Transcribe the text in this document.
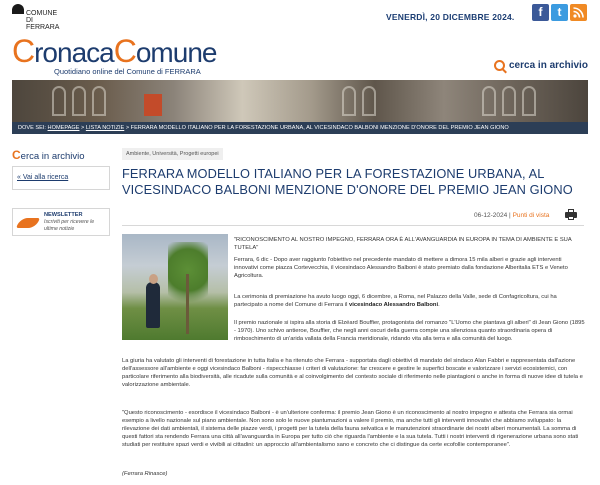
COMUNE DI
FERRARA
VENERDÌ, 20 DICEMBRE 2024.	f	t
CronacaComune
Quotidiano online del Comune di FERRARA
cerca in archivio
DOVE SEI: HOMEPAGE > LISTA NOTIZIE > FERRARA MODELLO ITALIANO PER LA FORESTAZIONE URBANA, AL VICESINDACO BALBONI MENZIONE D'ONORE DEL PREMIO JEAN GIONO
Cerca in archivio
« Vai alla ricerca
NEWSLETTER
Iscriviti per ricevere le ultime notizie
Ambiente, Università, Progetti europei
FERRARA MODELLO ITALIANO PER LA FORESTAZIONE URBANA, AL VICESINDACO BALBONI MENZIONE D'ONORE DEL PREMIO JEAN GIONO
06-12-2024 | Punti di vista

"RICONOSCIMENTO AL NOSTRO IMPEGNO, FERRARA ORA È ALL'AVANGUARDIA IN EUROPA IN TEMA DI AMBIENTE E SUA TUTELA"

Ferrara, 6 dic - Dopo aver raggiunto l'obiettivo nel precedente mandato di mettere a dimora 15 mila alberi e grazie agli interventi innovativi come piazza Cortevecchia, il vicesindaco Alessandro Balboni è stato premiato dalla fondazione Alberitalia ETS e Veneto Agricoltura.

La cerimonia di premiazione ha avuto luogo oggi, 6 dicembre, a Roma, nel Palazzo della Valle, sede di Confagricoltura, cui ha partecipato a nome del Comune di Ferrara il vicesindaco Alessandro Balboni.

Il premio nazionale si ispira alla storia di Elzéard Bouffier, protagonista del romanzo "L'Uomo che piantava gli alberi" di Jean Giono (1895 - 1970). Uno schivo antieroe, Bouffier, che negli anni oscuri della guerra compie una silenziosa quanto straordinaria opera di rimboschimento di un'arida vallata della Francia meridionale, ridando vita alla terra e alla comunità del luogo.

La giuria ha valutato gli interventi di forestazione in tutta Italia e ha ritenuto che Ferrara - supportata dagli obiettivi di mandato del sindaco Alan Fabbri e rappresentata dall'azione dell'assessore all'ambiente e oggi vicesindaco Balboni - rispecchiasse i criteri di valutazione: far crescere e gestire le superfici boscate e valorizzare i servizi ecosistemici, con particolare riferimento alla biodiversità, alle ricadute sulla comunità e al coinvolgimento del contesto sociale di riferimento nelle piantagioni o anche in forma di nuove idee di tutela e valorizzazione ambientale.

"Questo riconoscimento - esordisce il vicesindaco Balboni - è un'ulteriore conferma: il premio Jean Giono è un riconoscimento al nostro impegno e attesta che Ferrara sia ormai esempio a livello nazionale sul piano ambientale. Non sono solo le nuove piantumazioni a valere il premio, ma anche tutti gli interventi innovativi che abbiamo sviluppato: la rilevazione dei dati ambientali, il sistema delle piazze verdi, i progetti per la tutela della fauna selvatica e le manutenzioni straordinarie dei nostri alberi monumentali. La somma di questi fattori sta rendendo Ferrara una città all'avanguardia in Europa per tutto ciò che riguarda l'ambiente e la sua tutela. Tutti i nostri interventi di rigenerazione urbana sono stati studiati per restituire spazi verdi e vivibili ai cittadini: un approccio all'ambientalismo sano e concreto che ci distingue da certe ecofollie contemporanee".

(Ferrara Rinasce)
